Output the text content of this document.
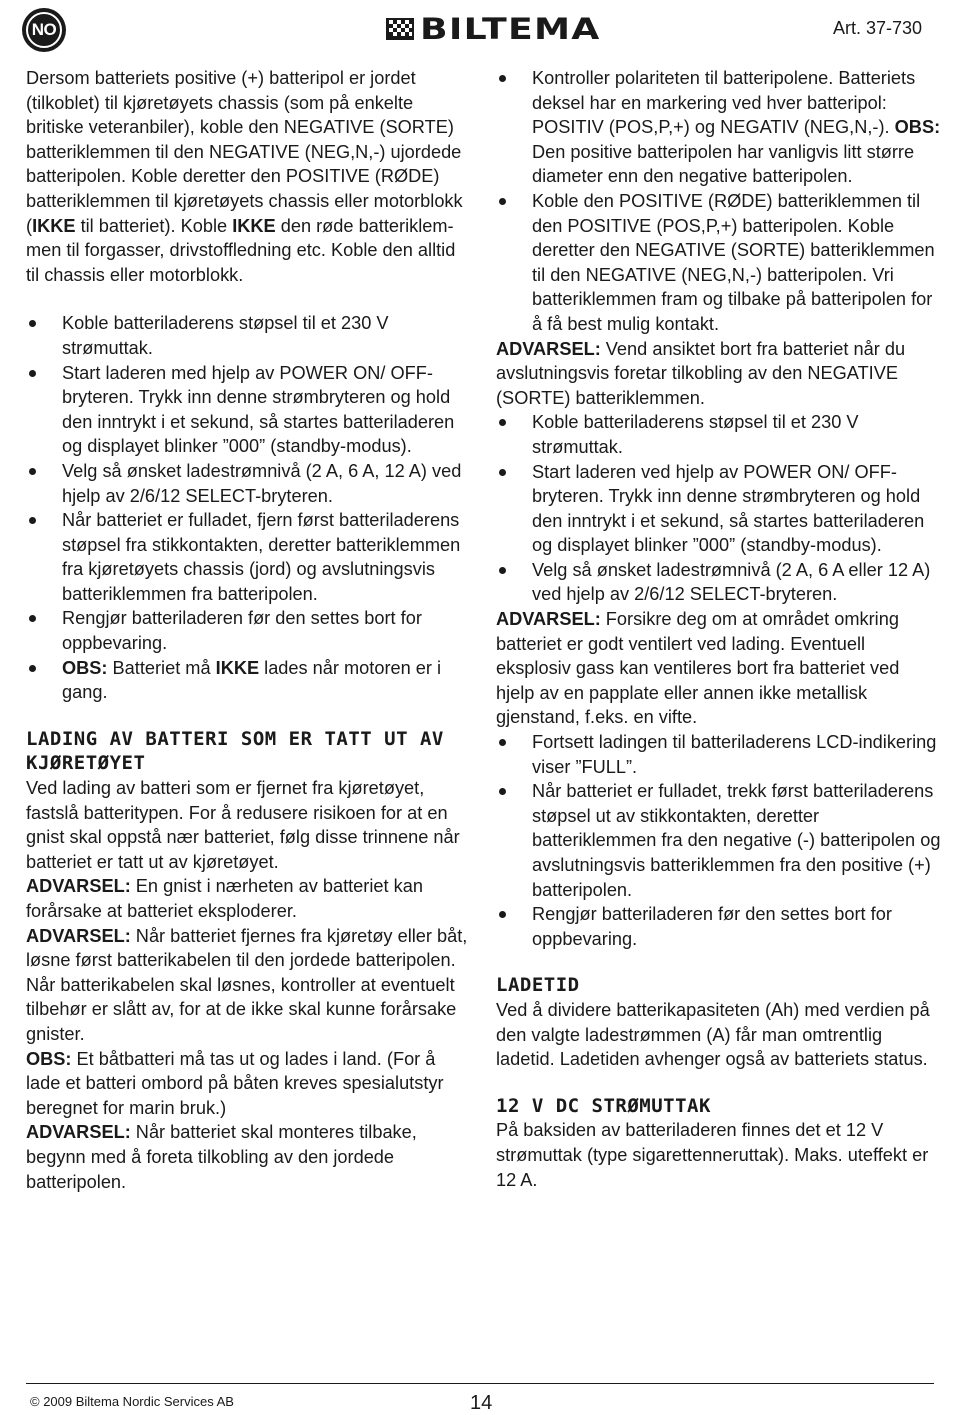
NO	BILTEMA	Art. 37-730

Dersom batteriets positive (+) batteripol er jordet (tilkoblet) til kjøretøyets chassis (som på enkelte britiske veteranbiler), koble den NEGATIVE (SORTE) batteriklemmen til den NEGATIVE (NEG,N,-) ujordede batteripolen. Koble deretter den POSITIVE (RØDE) batteriklemmen til kjøretøyets chassis eller motorblokk (IKKE til batteriet). Koble IKKE den røde batteriklemmen til forgasser, drivstoffledning etc. Koble den alltid til chassis eller motorblokk.

Koble batteriladerens støpsel til et 230 V strømuttak.
Start laderen med hjelp av POWER ON/ OFF-bryteren. Trykk inn denne strømbryteren og hold den inntrykt i et sekund, så startes batteriladeren og displayet blinker ”000” (standby-modus).
Velg så ønsket ladestrømnivå (2 A, 6 A, 12 A) ved hjelp av 2/6/12 SELECT-bryteren.
Når batteriet er fulladet, fjern først batteriladerens støpsel fra stikkontakten, deretter batteriklemmen fra kjøretøyets chassis (jord) og avslutningsvis batteriklemmen fra batteripolen.
Rengjør batteriladeren før den settes bort for oppbevaring.
OBS: Batteriet må IKKE lades når motoren er i gang.
LADING AV BATTERI SOM ER TATT UT AV KJØRETØYET

Ved lading av batteri som er fjernet fra kjøretøyet, fastslå batteritypen. For å redusere risikoen for at en gnist skal oppstå nær batteriet, følg disse trinnene når batteriet er tatt ut av kjøretøyet.

ADVARSEL: En gnist i nærheten av batteriet kan forårsake at batteriet eksploderer.

ADVARSEL: Når batteriet fjernes fra kjøretøy eller båt, løsne først batterikabelen til den jordede batteripolen. Når batterikabelen skal løsnes, kontroller at eventuelt tilbehør er slått av, for at de ikke skal kunne forårsake gnister.

OBS: Et båtbatteri må tas ut og lades i land. (For å lade et batteri ombord på båten kreves spesialutstyr beregnet for marin bruk.)

ADVARSEL: Når batteriet skal monteres tilbake, begynn med å foreta tilkobling av den jordede batteripolen.

Kontroller polariteten til batteripolene. Batteriets deksel har en markering ved hver batteripol: POSITIV (POS,P,+) og NEGATIV (NEG,N,-). OBS: Den positive batteripolen har vanligvis litt større diameter enn den negative batteripolen.
Koble den POSITIVE (RØDE) batteriklemmen til den POSITIVE (POS,P,+) batteripolen. Koble deretter den NEGATIVE (SORTE) batteriklemmen til den NEGATIVE (NEG,N,-) batteripolen. Vri batteriklemmen fram og tilbake på batteripolen for å få best mulig kontakt.

ADVARSEL: Vend ansiktet bort fra batteriet når du avslutningsvis foretar tilkobling av den NEGATIVE (SORTE) batteriklemmen.

Koble batteriladerens støpsel til et 230 V strømuttak.
Start laderen ved hjelp av POWER ON/ OFF-bryteren. Trykk inn denne strømbryteren og hold den inntrykt i et sekund, så startes batteriladeren og displayet blinker ”000” (standby-modus).
Velg så ønsket ladestrømnivå (2 A, 6 A eller 12 A) ved hjelp av 2/6/12 SELECT-bryteren.

ADVARSEL: Forsikre deg om at området omkring batteriet er godt ventilert ved lading. Eventuell eksplosiv gass kan ventileres bort fra batteriet ved hjelp av en papplate eller annen ikke metallisk gjenstand, f.eks. en vifte.

Fortsett ladingen til batteriladerens LCD-indikering viser ”FULL”.
Når batteriet er fulladet, trekk først batteriladerens støpsel ut av stikkontakten, deretter batteriklemmen fra den negative (-) batteripolen og avslutningsvis batteriklemmen fra den positive (+) batteripolen.
Rengjør batteriladeren før den settes bort for oppbevaring.
LADETID

Ved å dividere batterikapasiteten (Ah) med verdien på den valgte ladestrømmen (A) får man omtrentlig ladetid. Ladetiden avhenger også av batteriets status.

12 V DC STRØMUTTAK

På baksiden av batteriladeren finnes det et 12 V strømuttak (type sigarettenneruttak). Maks. uteffekt er 12 A.

© 2009 Biltema Nordic Services AB	14
